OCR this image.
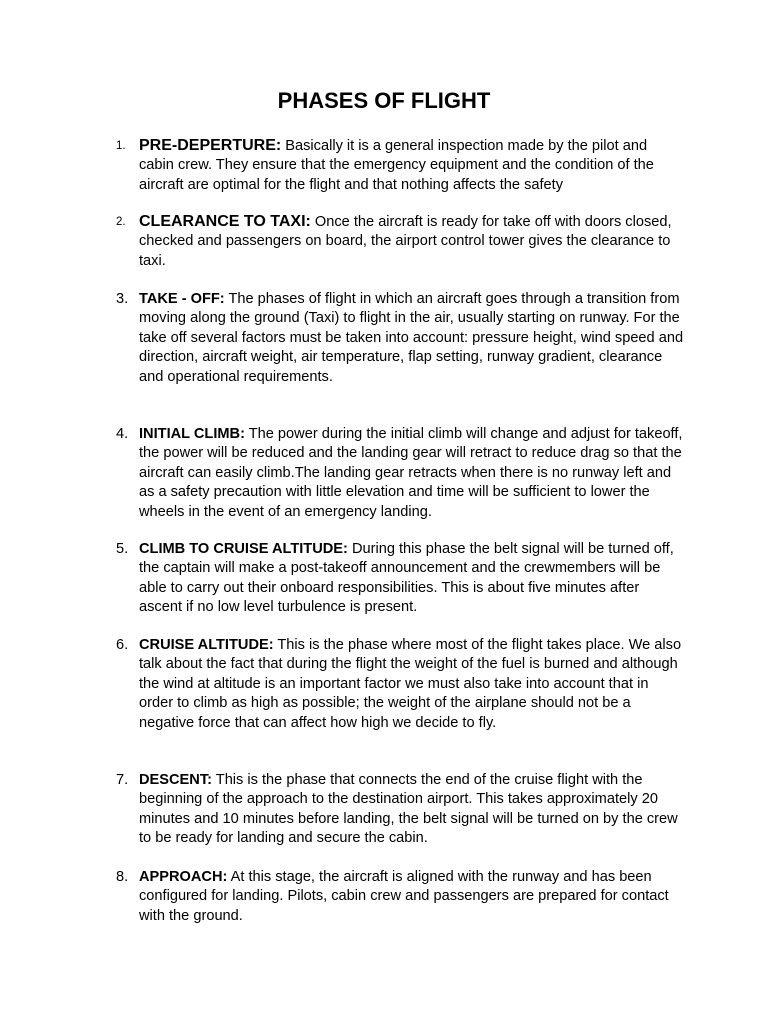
PHASES OF FLIGHT
1. PRE-DEPERTURE: Basically it is a general inspection made by the pilot and cabin crew. They ensure that the emergency equipment and the condition of the aircraft are optimal for the flight and that nothing affects the safety
2. CLEARANCE TO TAXI: Once the aircraft is ready for take off with doors closed, checked and passengers on board, the airport control tower gives the clearance to taxi.
3. TAKE - OFF: The phases of flight in which an aircraft goes through a transition from moving along the ground (Taxi) to flight in the air, usually starting on runway. For the take off several factors must be taken into account: pressure height, wind speed and direction, aircraft weight, air temperature, flap setting, runway gradient, clearance and operational requirements.
4. INITIAL CLIMB: The power during the initial climb will change and adjust for takeoff, the power will be reduced and the landing gear will retract to reduce drag so that the aircraft can easily climb.The landing gear retracts when there is no runway left and as a safety precaution with little elevation and time will be sufficient to lower the wheels in the event of an emergency landing.
5. CLIMB TO CRUISE ALTITUDE: During this phase the belt signal will be turned off, the captain will make a post-takeoff announcement and the crewmembers will be able to carry out their onboard responsibilities. This is about five minutes after ascent if no low level turbulence is present.
6. CRUISE ALTITUDE: This is the phase where most of the flight takes place. We also talk about the fact that during the flight the weight of the fuel is burned and although the wind at altitude is an important factor we must also take into account that in order to climb as high as possible; the weight of the airplane should not be a negative force that can affect how high we decide to fly.
7. DESCENT: This is the phase that connects the end of the cruise flight with the beginning of the approach to the destination airport. This takes approximately 20 minutes and 10 minutes before landing, the belt signal will be turned on by the crew to be ready for landing and secure the cabin.
8. APPROACH: At this stage, the aircraft is aligned with the runway and has been configured for landing. Pilots, cabin crew and passengers are prepared for contact with the ground.
